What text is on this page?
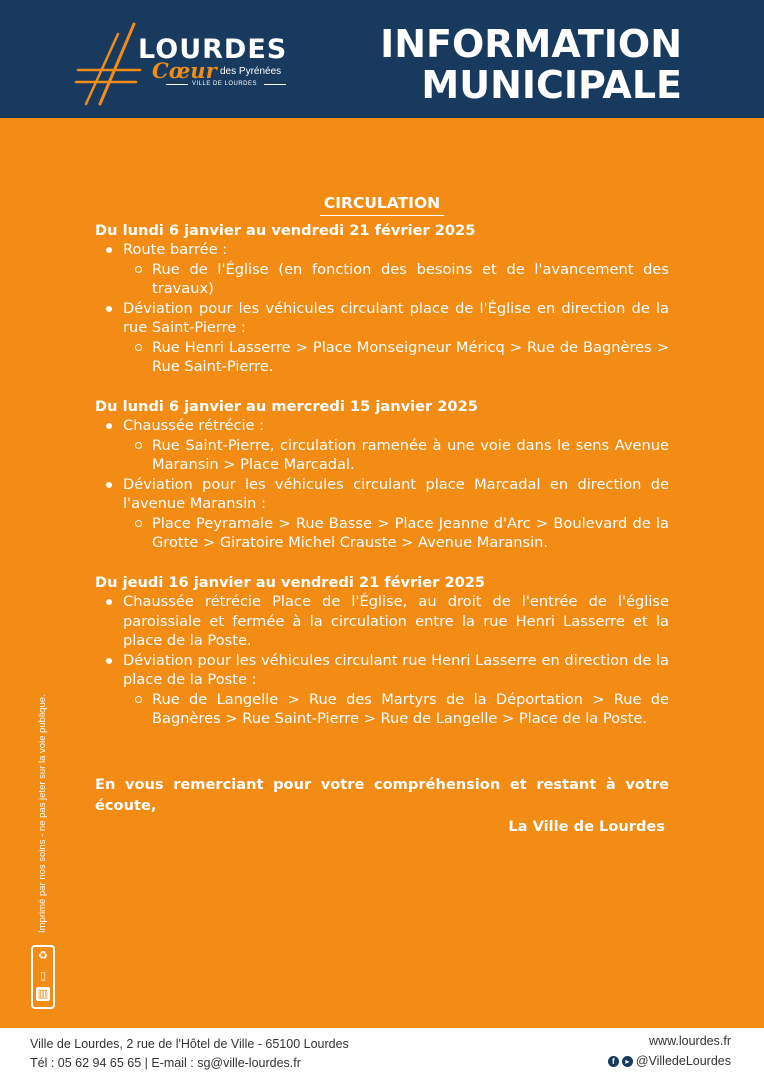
LOURDES
Cœur des Pyrénées
VILLE DE LOURDES
INFORMATION
MUNICIPALE
Imprimé par nos soins - ne pas jeter sur la voie publique.
♻
▯
▥
CIRCULATION
Du lundi 6 janvier au vendredi 21 février 2025
Route barrée :
Rue de l'Église (en fonction des besoins et de l'avancement des travaux)
Déviation pour les véhicules circulant place de l'Église en direction de la rue Saint-Pierre :
Rue Henri Lasserre > Place Monseigneur Méricq > Rue de Bagnères > Rue Saint-Pierre.
Du lundi 6 janvier au mercredi 15 janvier 2025
Chaussée rétrécie :
Rue Saint-Pierre, circulation ramenée à une voie dans le sens Avenue Maransin > Place Marcadal.
Déviation pour les véhicules circulant place Marcadal en direction de l'avenue Maransin :
Place Peyramale > Rue Basse > Place Jeanne d'Arc > Boulevard de la Grotte > Giratoire Michel Crauste > Avenue Maransin.
Du jeudi 16 janvier au vendredi 21 février 2025
Chaussée rétrécie Place de l'Église, au droit de l'entrée de l'église paroissiale et fermée à la circulation entre la rue Henri Lasserre et la place de la Poste.
Déviation pour les véhicules circulant rue Henri Lasserre en direction de la place de la Poste :
Rue de Langelle > Rue des Martyrs de la Déportation > Rue de Bagnères > Rue Saint-Pierre > Rue de Langelle > Place de la Poste.
En vous remerciant pour votre compréhension et restant à votre écoute,
La Ville de Lourdes
Ville de Lourdes, 2 rue de l'Hôtel de Ville - 65100 Lourdes
Tél : 05 62 94 65 65 | E-mail : sg@ville-lourdes.fr
www.lourdes.fr
f	▸ @VilledeLourdes
